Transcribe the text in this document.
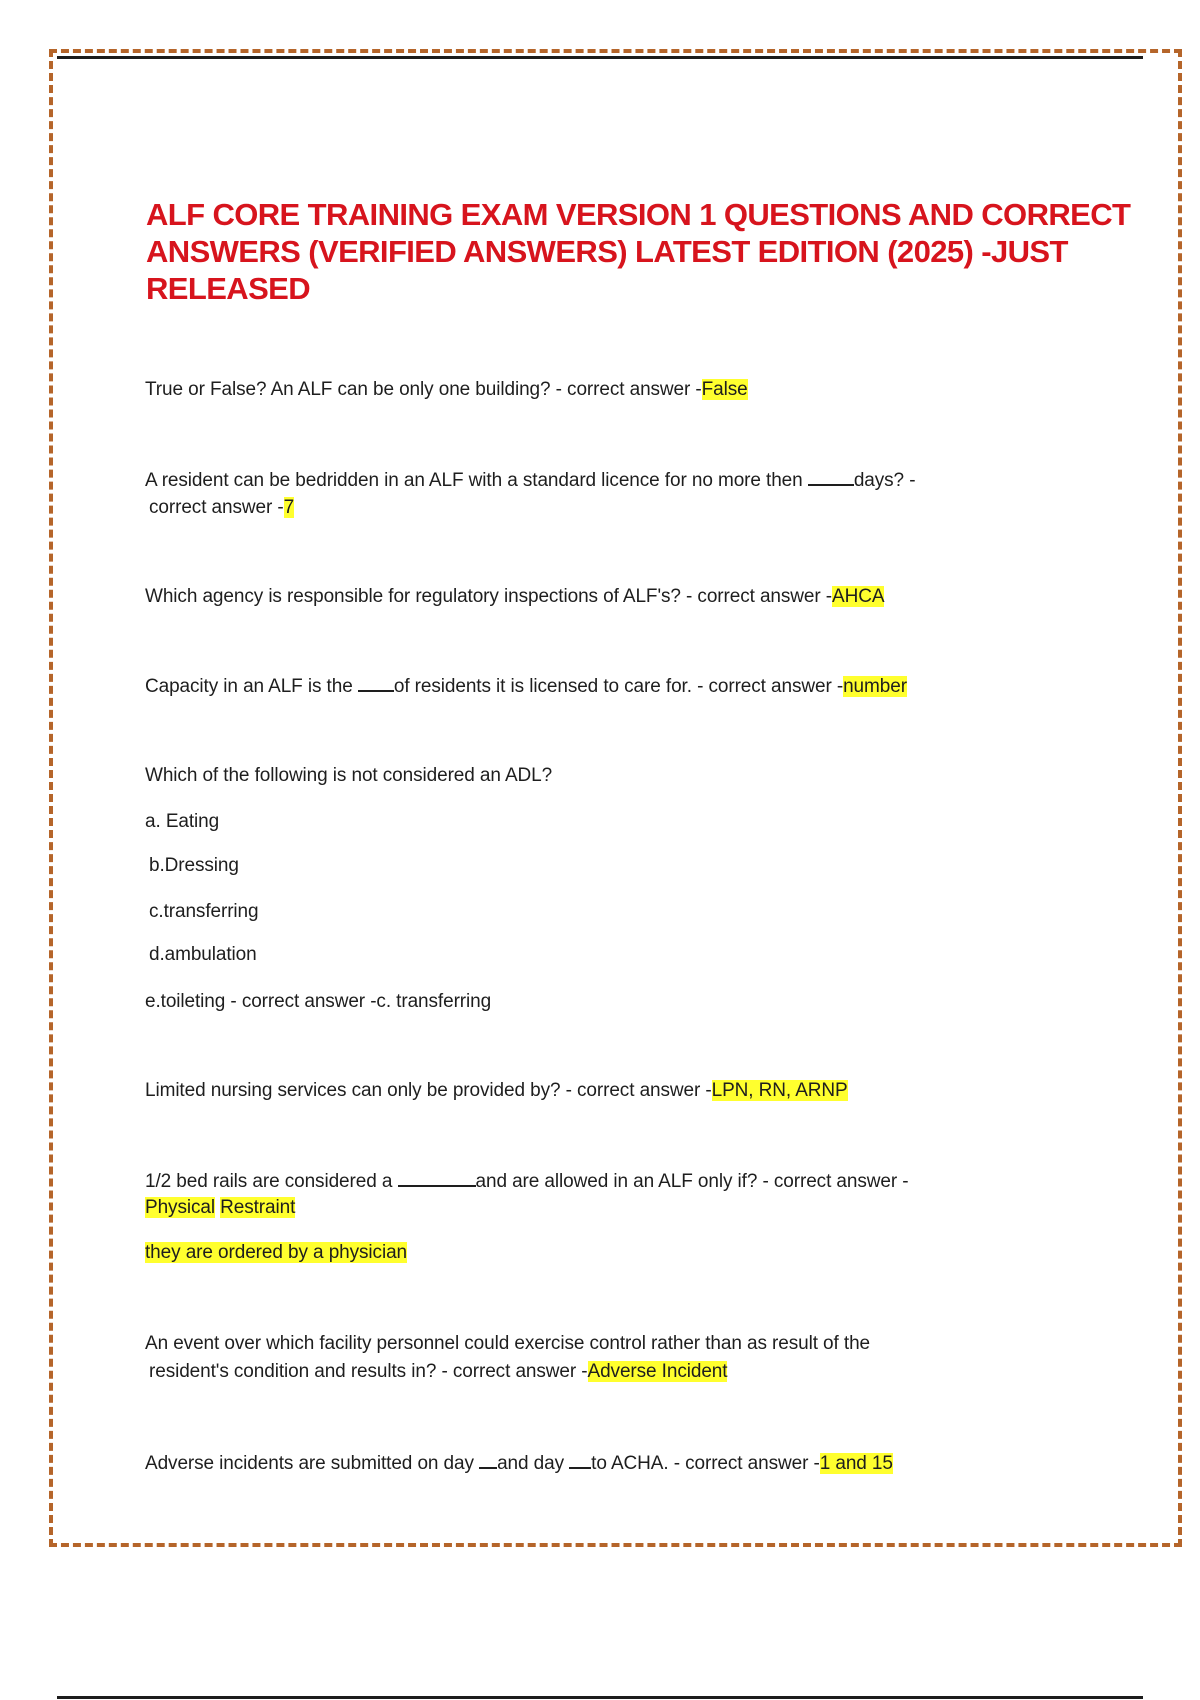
ALF CORE TRAINING EXAM VERSION 1 QUESTIONS AND CORRECT
ANSWERS (VERIFIED ANSWERS) LATEST EDITION (2025) -JUST
RELEASED
True or False? An ALF can be only one building? - correct answer -False
A resident can be bedridden in an ALF with a standard licence for no more then days? -
correct answer -7
Which agency is responsible for regulatory inspections of ALF's? - correct answer -AHCA
Capacity in an ALF is the of residents it is licensed to care for. - correct answer -number
Which of the following is not considered an ADL?
a. Eating
b.Dressing
c.transferring
d.ambulation
e.toileting - correct answer -c. transferring
Limited nursing services can only be provided by? - correct answer -LPN, RN, ARNP
1/2 bed rails are considered a	and are allowed in an ALF only if? - correct answer -
Physical Restraint
they are ordered by a physician
An event over which facility personnel could exercise control rather than as result of the
resident's condition and results in? - correct answer -Adverse Incident
Adverse incidents are submitted on day and day to ACHA. - correct answer -1 and 15
